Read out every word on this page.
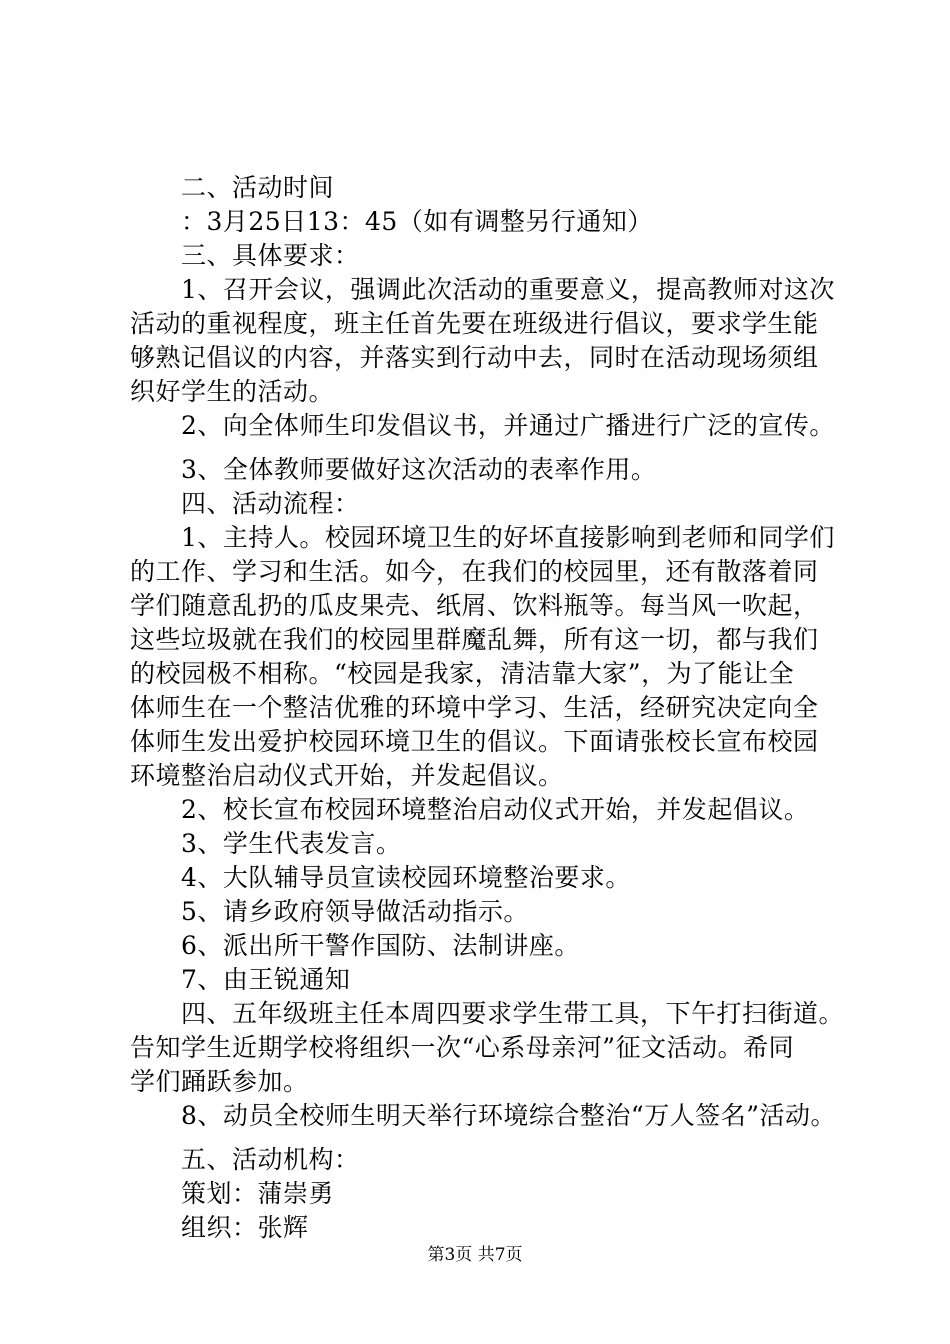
　　二、活动时间
　　：3月25日13：45（如有调整另行通知）
　　三、具体要求：
　　1、召开会议，强调此次活动的重要意义，提高教师对这次
活动的重视程度，班主任首先要在班级进行倡议，要求学生能
够熟记倡议的内容，并落实到行动中去，同时在活动现场须组
织好学生的活动。
　　2、向全体师生印发倡议书，并通过广播进行广泛的宣传。
　　3、全体教师要做好这次活动的表率作用。
　　四、活动流程：
　　1、主持人。校园环境卫生的好坏直接影响到老师和同学们
的工作、学习和生活。如今，在我们的校园里，还有散落着同
学们随意乱扔的瓜皮果壳、纸屑、饮料瓶等。每当风一吹起，
这些垃圾就在我们的校园里群魔乱舞，所有这一切，都与我们
的校园极不相称。“校园是我家，清洁靠大家”，为了能让全
体师生在一个整洁优雅的环境中学习、生活，经研究决定向全
体师生发出爱护校园环境卫生的倡议。下面请张校长宣布校园
环境整治启动仪式开始，并发起倡议。
　　2、校长宣布校园环境整治启动仪式开始，并发起倡议。
　　3、学生代表发言。
　　4、大队辅导员宣读校园环境整治要求。
　　5、请乡政府领导做活动指示。
　　6、派出所干警作国防、法制讲座。
　　7、由王锐通知
　　四、五年级班主任本周四要求学生带工具，下午打扫街道。
告知学生近期学校将组织一次“心系母亲河”征文活动。希同
学们踊跃参加。
　　8、动员全校师生明天举行环境综合整治“万人签名”活动。
　　五、活动机构：
　　策划：蒲崇勇
　　组织：张辉
第3页 共7页
